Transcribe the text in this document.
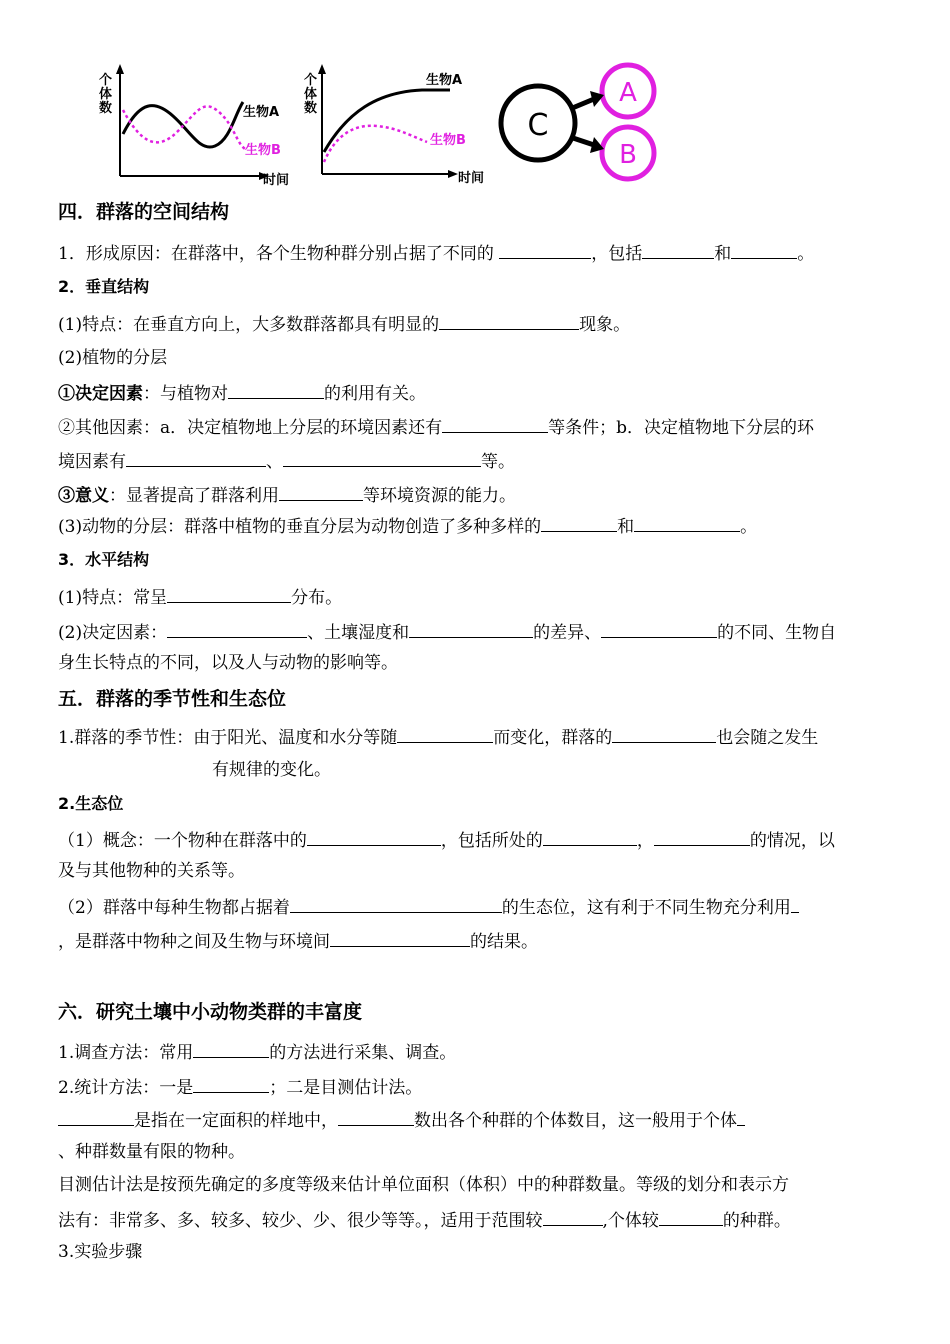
个
体
数	生物A
生物B
时间
个
体
数
生物A
生物B
时间
C
A
B
四．群落的空间结构
1．形成原因：在群落中，各个生物种群分别占据了不同的	，包括	和	。
2．垂直结构
(1)特点：在垂直方向上，大多数群落都具有明显的	现象。
(2)植物的分层
①决定因素：与植物对	的利用有关。
②其他因素：a．决定植物地上分层的环境因素还有	等条件；b．决定植物地下分层的环
境因素有	、	等。
③意义：显著提高了群落利用	等环境资源的能力。
(3)动物的分层：群落中植物的垂直分层为动物创造了多种多样的	和	。
3．水平结构
(1)特点：常呈	分布。
(2)决定因素：	、土壤湿度和	的差异、	的不同、生物自
身生长特点的不同，以及人与动物的影响等。
五．群落的季节性和生态位
1.群落的季节性：由于阳光、温度和水分等随	而变化，群落的	也会随之发生
有规律的变化。
2.生态位
（1）概念：一个物种在群落中的	，包括所处的	，	的情况，以
及与其他物种的关系等。
（2）群落中每种生物都占据着	的生态位，这有利于不同生物充分利用
，是群落中物种之间及生物与环境间	的结果。
六．研究土壤中小动物类群的丰富度
1.调查方法：常用	的方法进行采集、调查。
2.统计方法：一是	；二是目测估计法。
是指在一定面积的样地中，	数出各个种群的个体数目，这一般用于个体
、种群数量有限的物种。
目测估计法是按预先确定的多度等级来估计单位面积（体积）中的种群数量。等级的划分和表示方
法有：非常多、多、较多、较少、少、很少等等。，适用于范围较	,个体较	的种群。
3.实验步骤
